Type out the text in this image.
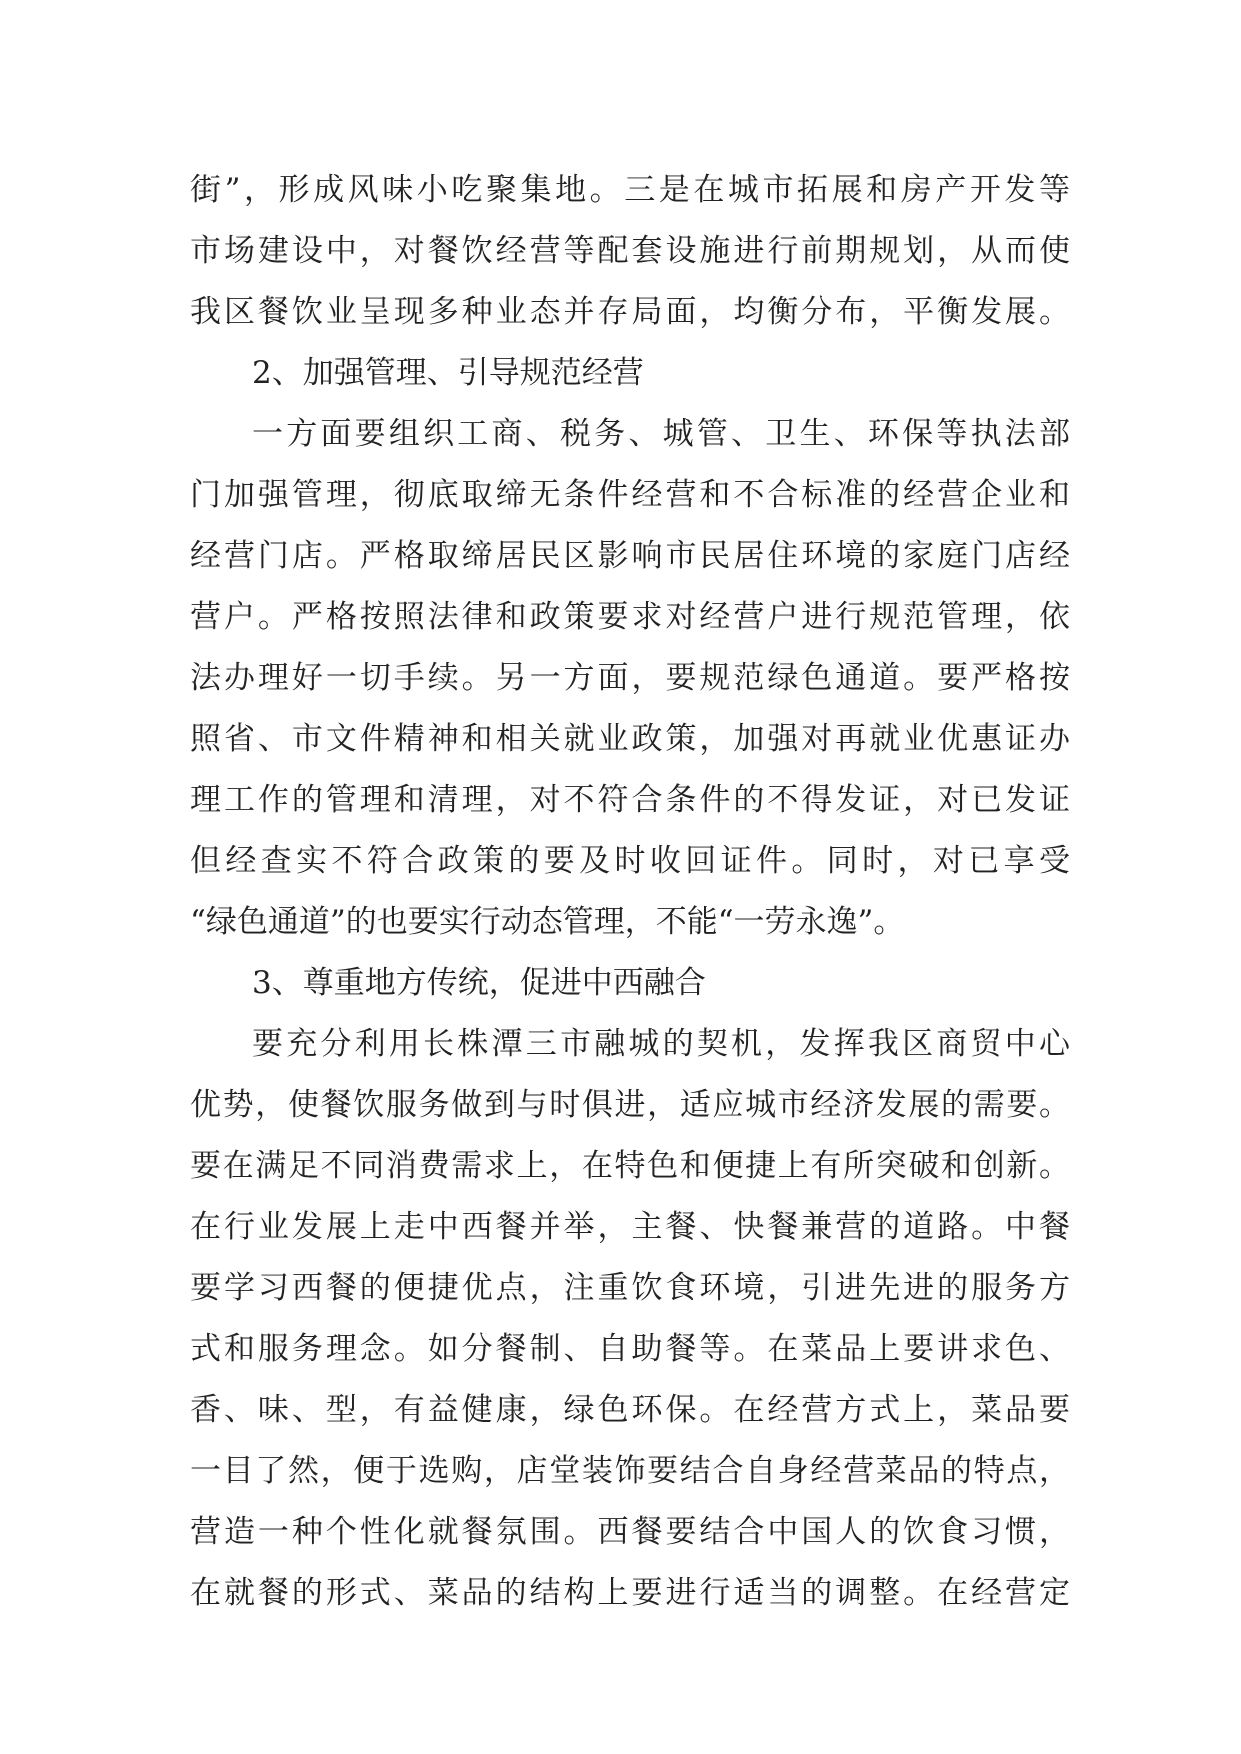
街”，形成风味小吃聚集地。三是在城市拓展和房产开发等
市场建设中，对餐饮经营等配套设施进行前期规划，从而使
我区餐饮业呈现多种业态并存局面，均衡分布，平衡发展。
2、加强管理、引导规范经营
一方面要组织工商、税务、城管、卫生、环保等执法部
门加强管理，彻底取缔无条件经营和不合标准的经营企业和
经营门店。严格取缔居民区影响市民居住环境的家庭门店经
营户。严格按照法律和政策要求对经营户进行规范管理，依
法办理好一切手续。另一方面，要规范绿色通道。要严格按
照省、市文件精神和相关就业政策，加强对再就业优惠证办
理工作的管理和清理，对不符合条件的不得发证，对已发证
但经查实不符合政策的要及时收回证件。同时，对已享受
“绿色通道”的也要实行动态管理，不能“一劳永逸”。
3、尊重地方传统，促进中西融合
要充分利用长株潭三市融城的契机，发挥我区商贸中心
优势，使餐饮服务做到与时俱进，适应城市经济发展的需要。
要在满足不同消费需求上，在特色和便捷上有所突破和创新。
在行业发展上走中西餐并举，主餐、快餐兼营的道路。中餐
要学习西餐的便捷优点，注重饮食环境，引进先进的服务方
式和服务理念。如分餐制、自助餐等。在菜品上要讲求色、
香、味、型，有益健康，绿色环保。在经营方式上，菜品要
一目了然，便于选购，店堂装饰要结合自身经营菜品的特点，
营造一种个性化就餐氛围。西餐要结合中国人的饮食习惯，
在就餐的形式、菜品的结构上要进行适当的调整。在经营定
